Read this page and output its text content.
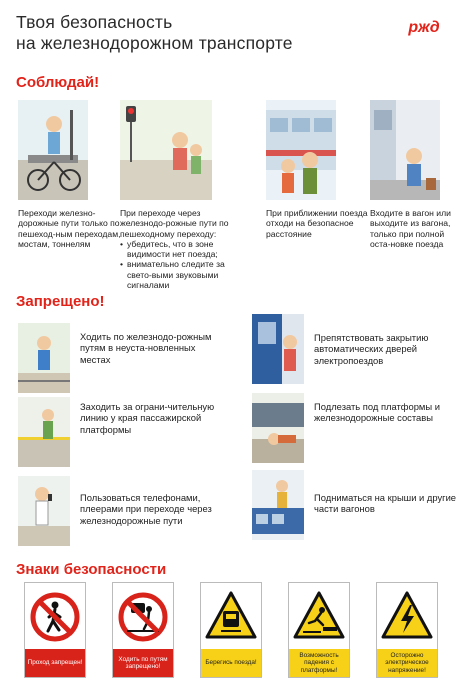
Твоя безопасность
на железнодорожном транспорте
ржд
Соблюдай!
Переходи железно-дорожные пути только по пешеход-ным переходам, мостам, тоннелям
При переходе через железнодо-рожные пути по пешеходному переходу:
• убедитесь, что в зоне видимости нет поезда;
• внимательно следите за свето-выми звуковыми сигналами
При приближении поезда отходи на безопасное расстояние
Входите в вагон или выходите из вагона, только при полной оста-новке поезда
Запрещено!
Ходить по железнодо-рожным путям в неуста-новленных местах
Препятствовать закрытию автоматических дверей электропоездов
Заходить за ограни-чительную линию у края пассажирской платформы
Подлезать под платформы и железнодорожные составы
Пользоваться телефонами, плеерами при переходе через железнодорожные пути
Подниматься на крыши и другие части вагонов
Знаки безопасности
Проход запрещен!
Ходить по путям запрещено!
Берегись поезда!
Возможность падения с платформы!
Осторожно электрическое напряжение!
